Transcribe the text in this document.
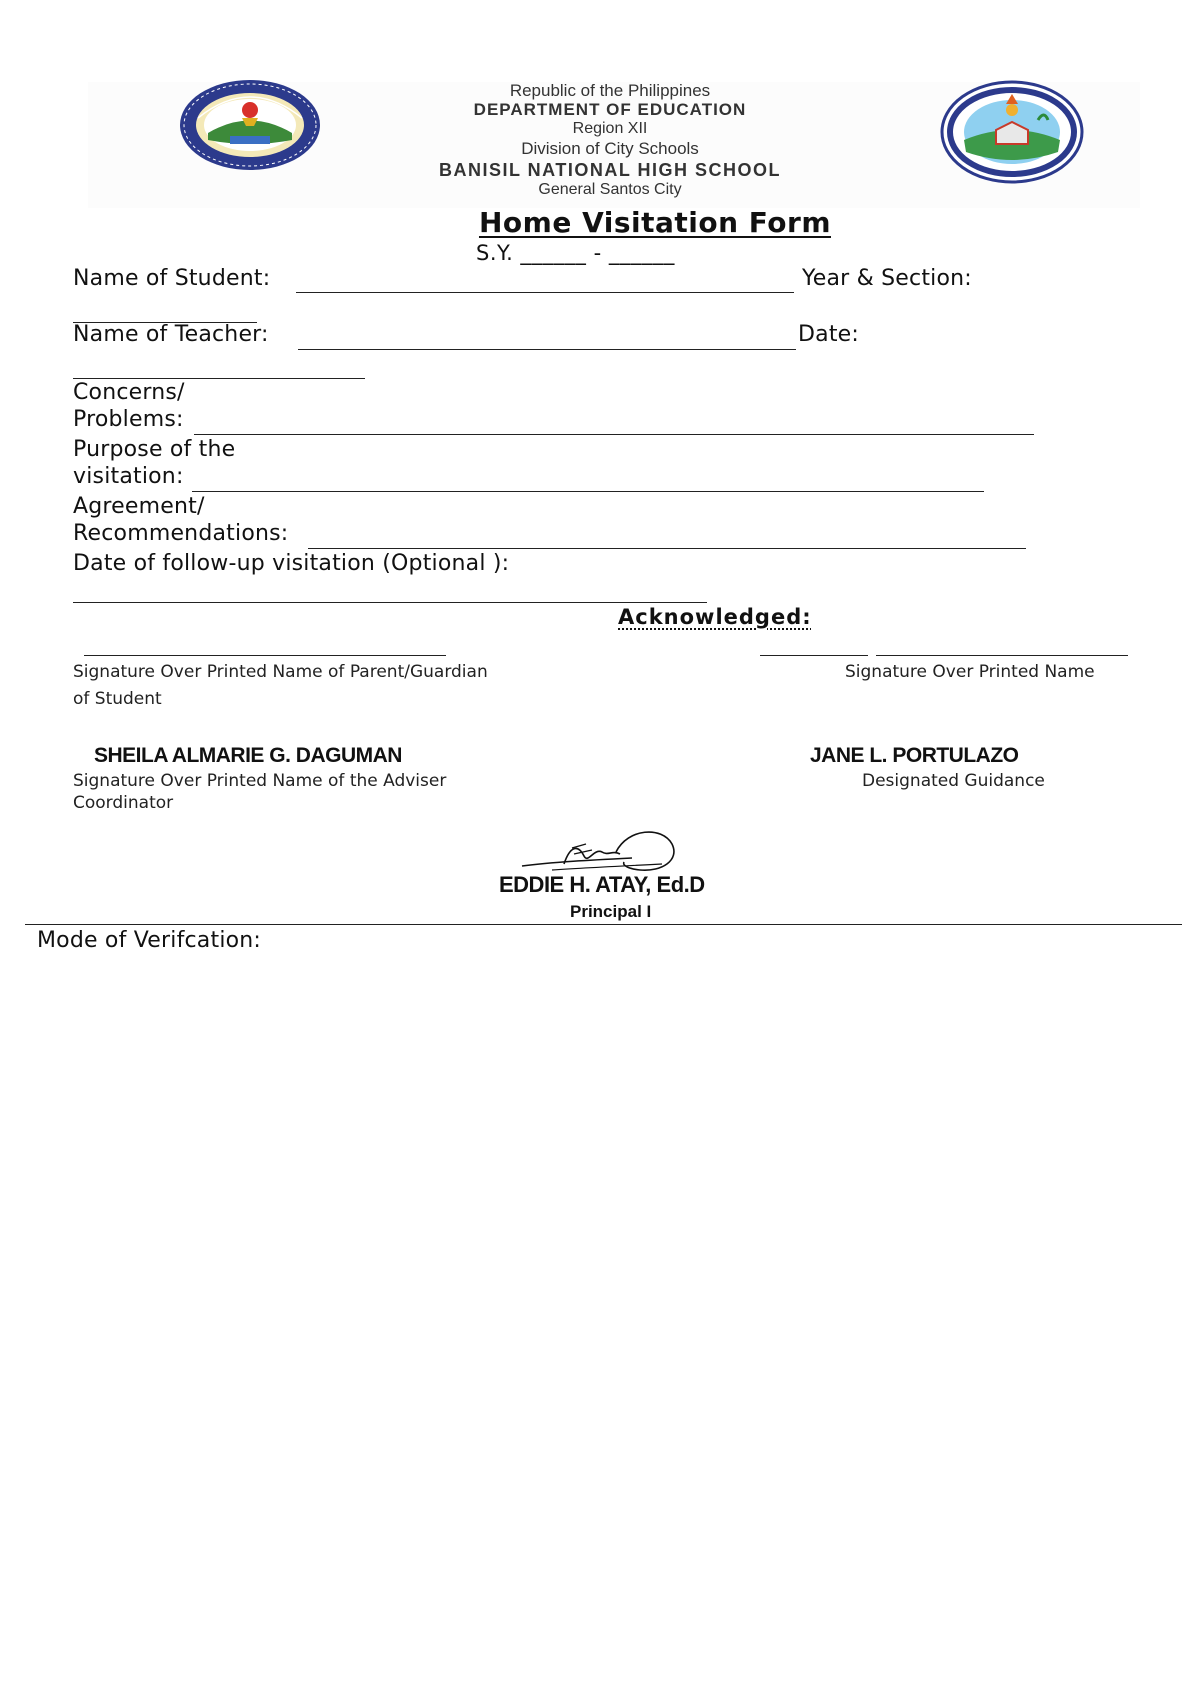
Republic of the Philippines
DEPARTMENT OF EDUCATION
Region XII
Division of City Schools
BANISIL NATIONAL HIGH SCHOOL
General Santos City
Home Visitation Form
S.Y. ______ - ______
Name of Student:	Year & Section:
Name of Teacher:	Date:
Concerns/
Problems:
Purpose of the
visitation:
Agreement/
Recommendations:
Date of follow-up visitation (Optional ):
Acknowledged:
Signature Over Printed Name of Parent/Guardian
of Student
Signature Over Printed Name
SHEILA ALMARIE G. DAGUMAN
Signature Over Printed Name of the Adviser
Coordinator
JANE L. PORTULAZO
Designated Guidance
EDDIE H. ATAY, Ed.D
Principal I
Mode of Verifcation:
